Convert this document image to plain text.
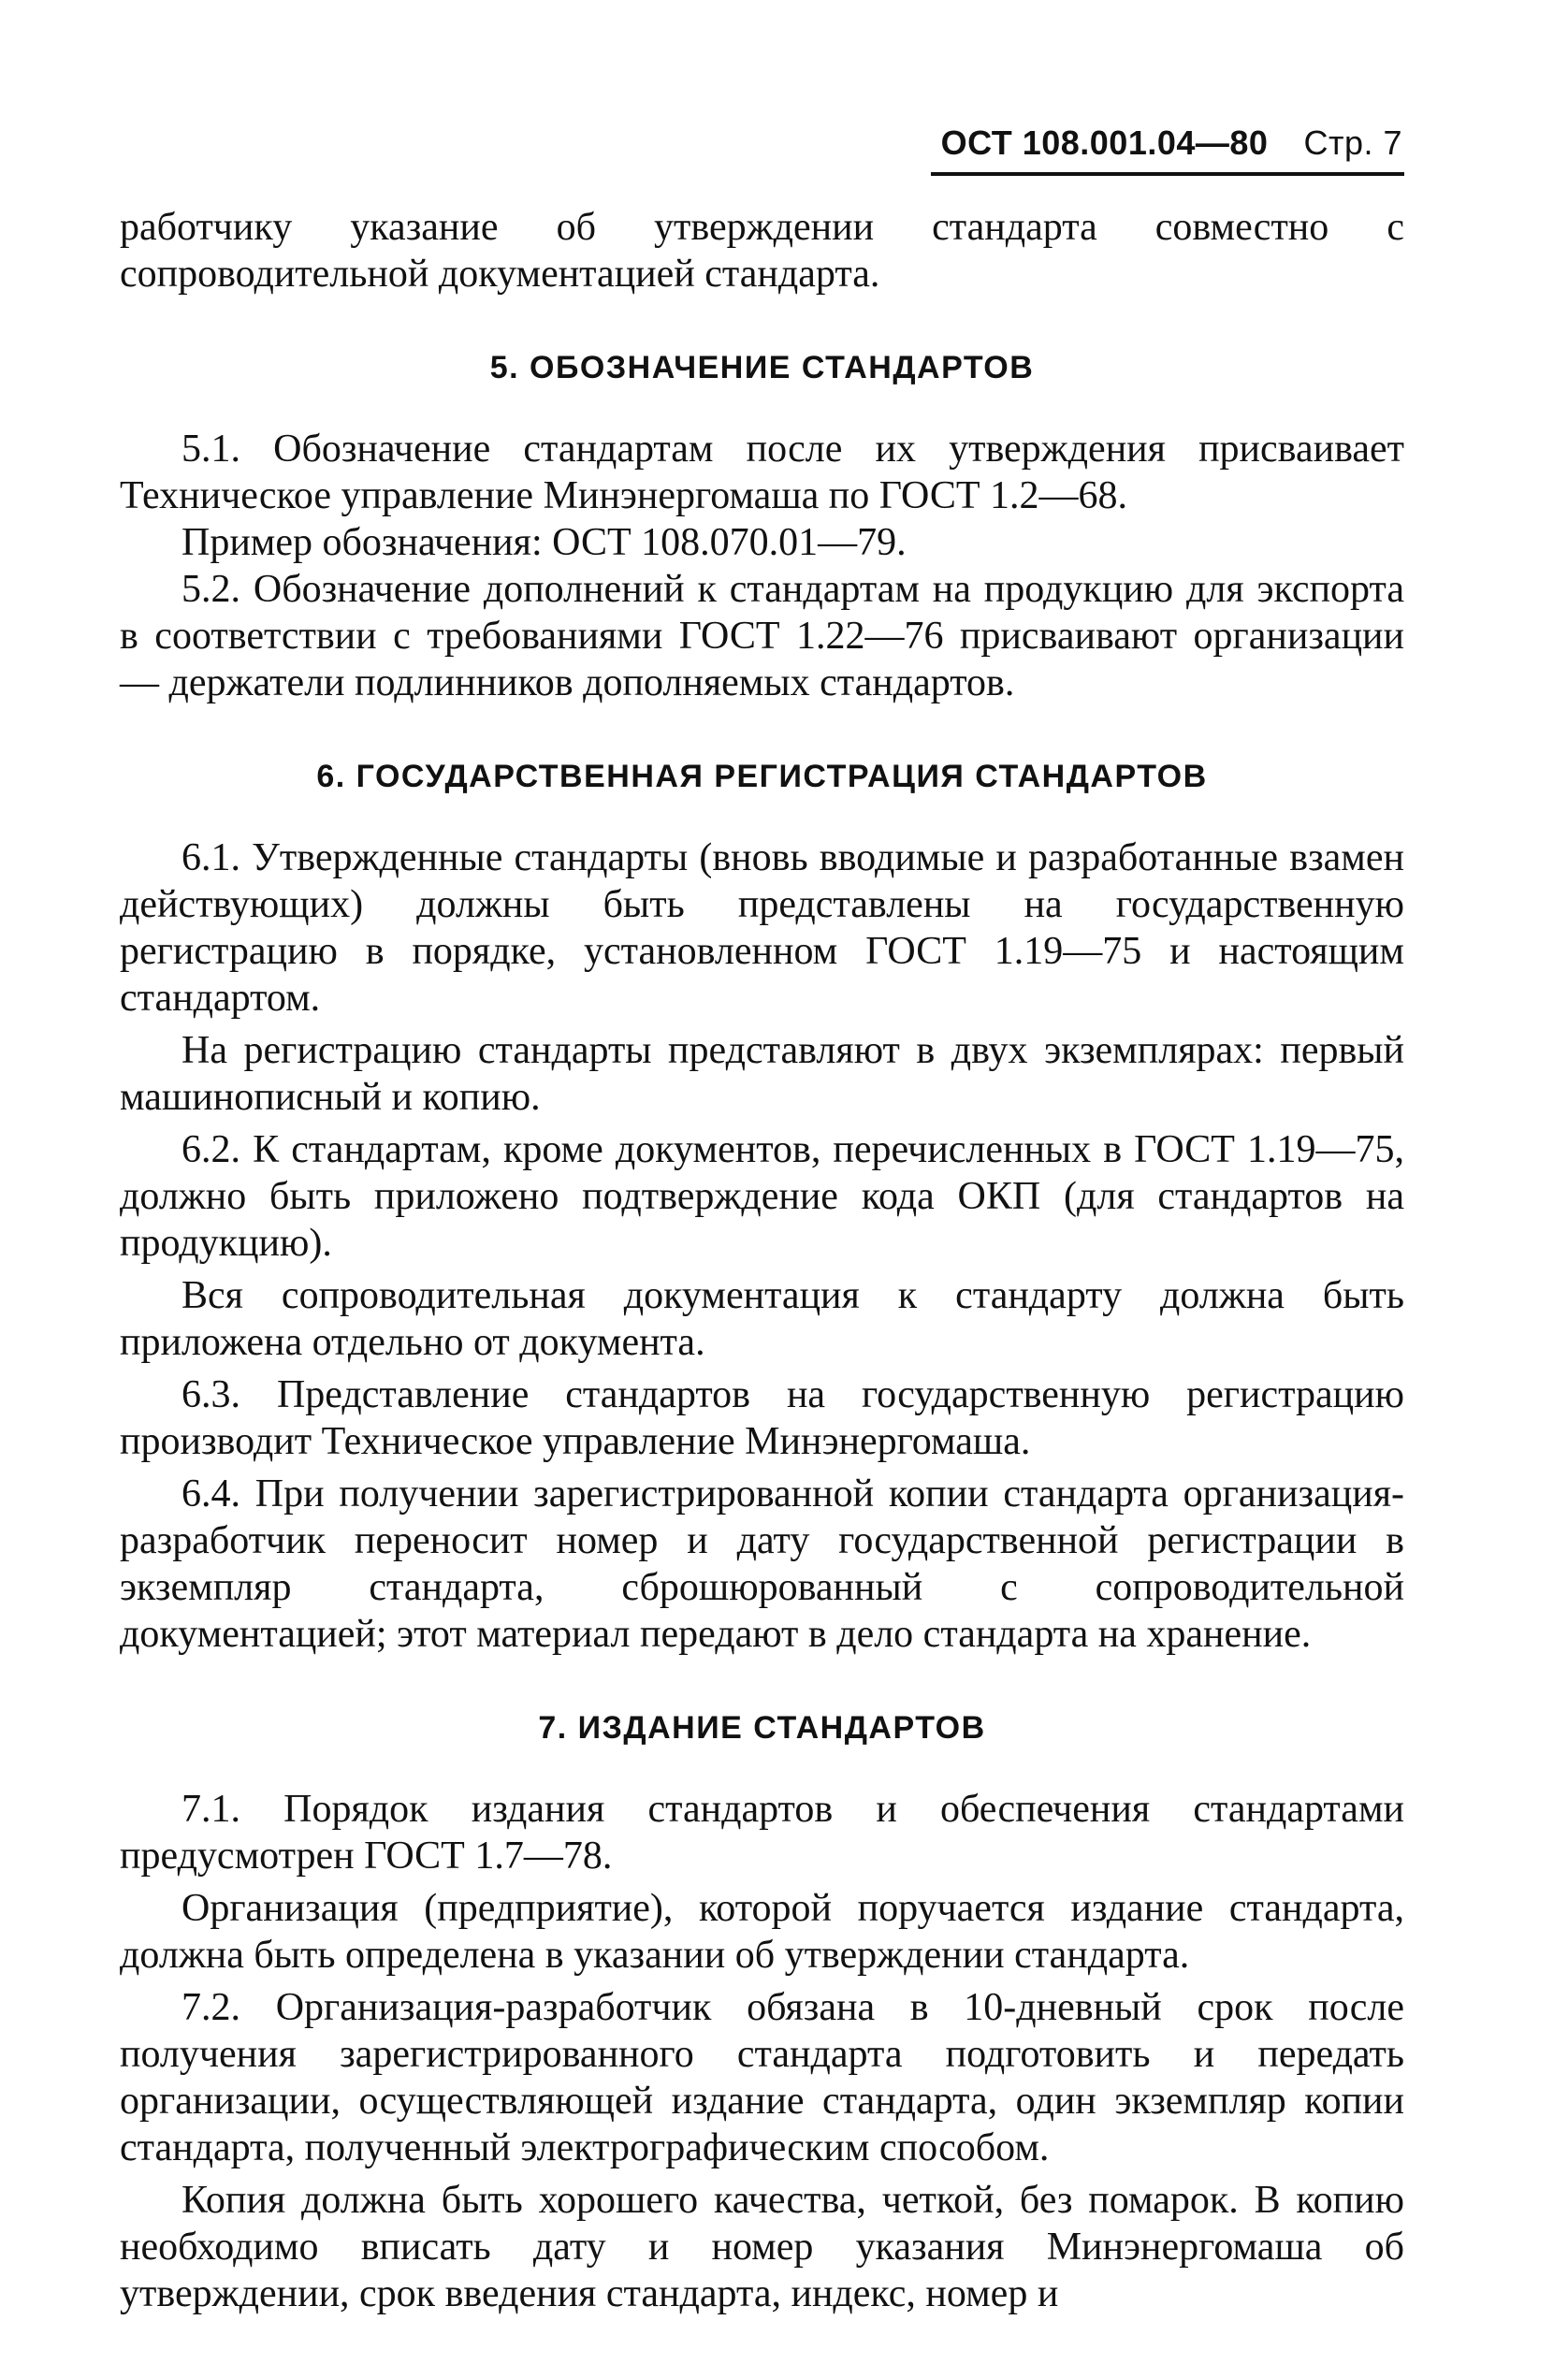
ОСТ 108.001.04—80 Стр. 7

работчику указание об утверждении стандарта совместно с сопроводительной документацией стандарта.

5. ОБОЗНАЧЕНИЕ СТАНДАРТОВ

5.1. Обозначение стандартам после их утверждения присваивает Техническое управление Минэнергомаша по ГОСТ 1.2—68.

Пример обозначения: ОСТ 108.070.01—79.

5.2. Обозначение дополнений к стандартам на продукцию для экспорта в соответствии с требованиями ГОСТ 1.22—76 присваивают организации — держатели подлинников дополняемых стандартов.

6. ГОСУДАРСТВЕННАЯ РЕГИСТРАЦИЯ СТАНДАРТОВ

6.1. Утвержденные стандарты (вновь вводимые и разработанные взамен действующих) должны быть представлены на государственную регистрацию в порядке, установленном ГОСТ 1.19—75 и настоящим стандартом.

На регистрацию стандарты представляют в двух экземплярах: первый машинописный и копию.

6.2. К стандартам, кроме документов, перечисленных в ГОСТ 1.19—75, должно быть приложено подтверждение кода ОКП (для стандартов на продукцию).

Вся сопроводительная документация к стандарту должна быть приложена отдельно от документа.

6.3. Представление стандартов на государственную регистрацию производит Техническое управление Минэнергомаша.

6.4. При получении зарегистрированной копии стандарта организация-разработчик переносит номер и дату государственной регистрации в экземпляр стандарта, сброшюрованный с сопроводительной документацией; этот материал передают в дело стандарта на хранение.

7. ИЗДАНИЕ СТАНДАРТОВ

7.1. Порядок издания стандартов и обеспечения стандартами предусмотрен ГОСТ 1.7—78.

Организация (предприятие), которой поручается издание стандарта, должна быть определена в указании об утверждении стандарта.

7.2. Организация-разработчик обязана в 10-дневный срок после получения зарегистрированного стандарта подготовить и передать организации, осуществляющей издание стандарта, один экземпляр копии стандарта, полученный электрографическим способом.

Копия должна быть хорошего качества, четкой, без помарок. В копию необходимо вписать дату и номер указания Минэнергомаша об утверждении, срок введения стандарта, индекс, номер и
